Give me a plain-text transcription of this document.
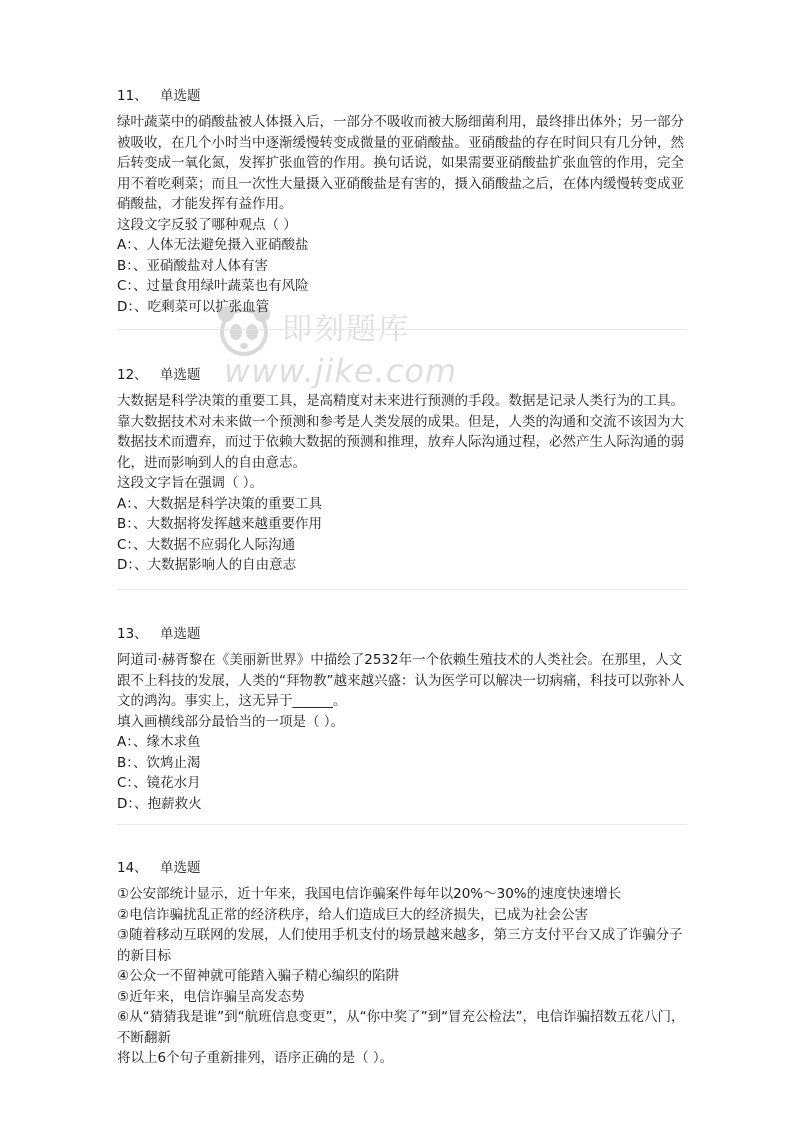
即刻题库
www.jike.com
11、 单选题

绿叶蔬菜中的硝酸盐被人体摄入后，一部分不吸收而被大肠细菌利用，最终排出体外；另一部分被吸收，在几个小时当中逐渐缓慢转变成微量的亚硝酸盐。亚硝酸盐的存在时间只有几分钟，然后转变成一氧化氮，发挥扩张血管的作用。换句话说，如果需要亚硝酸盐扩张血管的作用，完全用不着吃剩菜；而且一次性大量摄入亚硝酸盐是有害的，摄入硝酸盐之后，在体内缓慢转变成亚硝酸盐，才能发挥有益作用。

这段文字反驳了哪种观点（ ）

A：、人体无法避免摄入亚硝酸盐

B：、亚硝酸盐对人体有害

C：、过量食用绿叶蔬菜也有风险

D：、吃剩菜可以扩张血管

12、 单选题

大数据是科学决策的重要工具，是高精度对未来进行预测的手段。数据是记录人类行为的工具。靠大数据技术对未来做一个预测和参考是人类发展的成果。但是，人类的沟通和交流不该因为大数据技术而遭弃，而过于依赖大数据的预测和推理，放弃人际沟通过程，必然产生人际沟通的弱化，进而影响到人的自由意志。

这段文字旨在强调（ ）。

A：、大数据是科学决策的重要工具

B：、大数据将发挥越来越重要作用

C：、大数据不应弱化人际沟通

D：、大数据影响人的自由意志

13、 单选题

阿道司·赫胥黎在《美丽新世界》中描绘了2532年一个依赖生殖技术的人类社会。在那里，人文跟不上科技的发展，人类的“拜物教”越来越兴盛：认为医学可以解决一切病痛，科技可以弥补人文的鸿沟。事实上，这无异于______。

填入画横线部分最恰当的一项是（ ）。

A：、缘木求鱼

B：、饮鸩止渴

C：、镜花水月

D：、抱薪救火

14、 单选题

①公安部统计显示，近十年来，我国电信诈骗案件每年以20%～30%的速度快速增长

②电信诈骗扰乱正常的经济秩序，给人们造成巨大的经济损失，已成为社会公害

③随着移动互联网的发展，人们使用手机支付的场景越来越多，第三方支付平台又成了诈骗分子的新目标

④公众一不留神就可能踏入骗子精心编织的陷阱

⑤近年来，电信诈骗呈高发态势

⑥从“猜猜我是谁”到“航班信息变更”，从“你中奖了”到“冒充公检法”，电信诈骗招数五花八门，不断翻新

将以上6个句子重新排列，语序正确的是（ ）。
